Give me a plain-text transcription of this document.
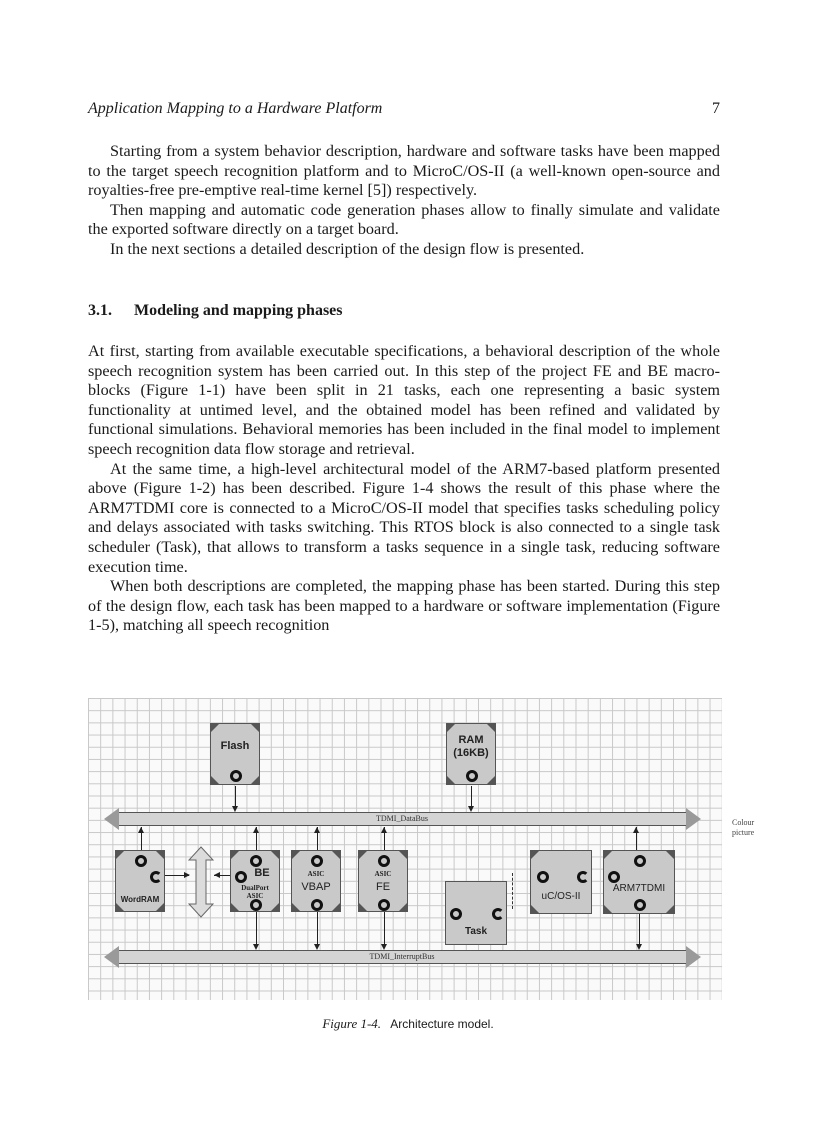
Application Mapping to a Hardware Platform	7

Starting from a system behavior description, hardware and software tasks have been mapped to the target speech recognition platform and to MicroC/OS-II (a well-known open-source and royalties-free pre-emptive real-time kernel [5]) respectively.

Then mapping and automatic code generation phases allow to finally simulate and validate the exported software directly on a target board.

In the next sections a detailed description of the design flow is presented.

3.1. Modeling and mapping phases

At first, starting from available executable specifications, a behavioral description of the whole speech recognition system has been carried out. In this step of the project FE and BE macro-blocks (Figure 1-1) have been split in 21 tasks, each one representing a basic system functionality at untimed level, and the obtained model has been refined and validated by functional simulations. Behavioral memories has been included in the final model to implement speech recognition data flow storage and retrieval.

At the same time, a high-level architectural model of the ARM7-based platform presented above (Figure 1-2) has been described. Figure 1-4 shows the result of this phase where the ARM7TDMI core is connected to a MicroC/OS-II model that specifies tasks scheduling policy and delays associated with tasks switching. This RTOS block is also connected to a single task scheduler (Task), that allows to transform a tasks sequence in a single task, reducing software execution time.

When both descriptions are completed, the mapping phase has been started. During this step of the design flow, each task has been mapped to a hardware or software implementation (Figure 1-5), matching all speech recognition

Flash	RAM
(16KB)
TDMI_DataBus
WordRAM
BE
DualPort
ASIC
ASIC
VBAP
ASIC
FE
Task
uC/OS-II
ARM7TDMI
TDMI_InterruptBus
Colour
picture
Figure 1-4. Architecture model.
